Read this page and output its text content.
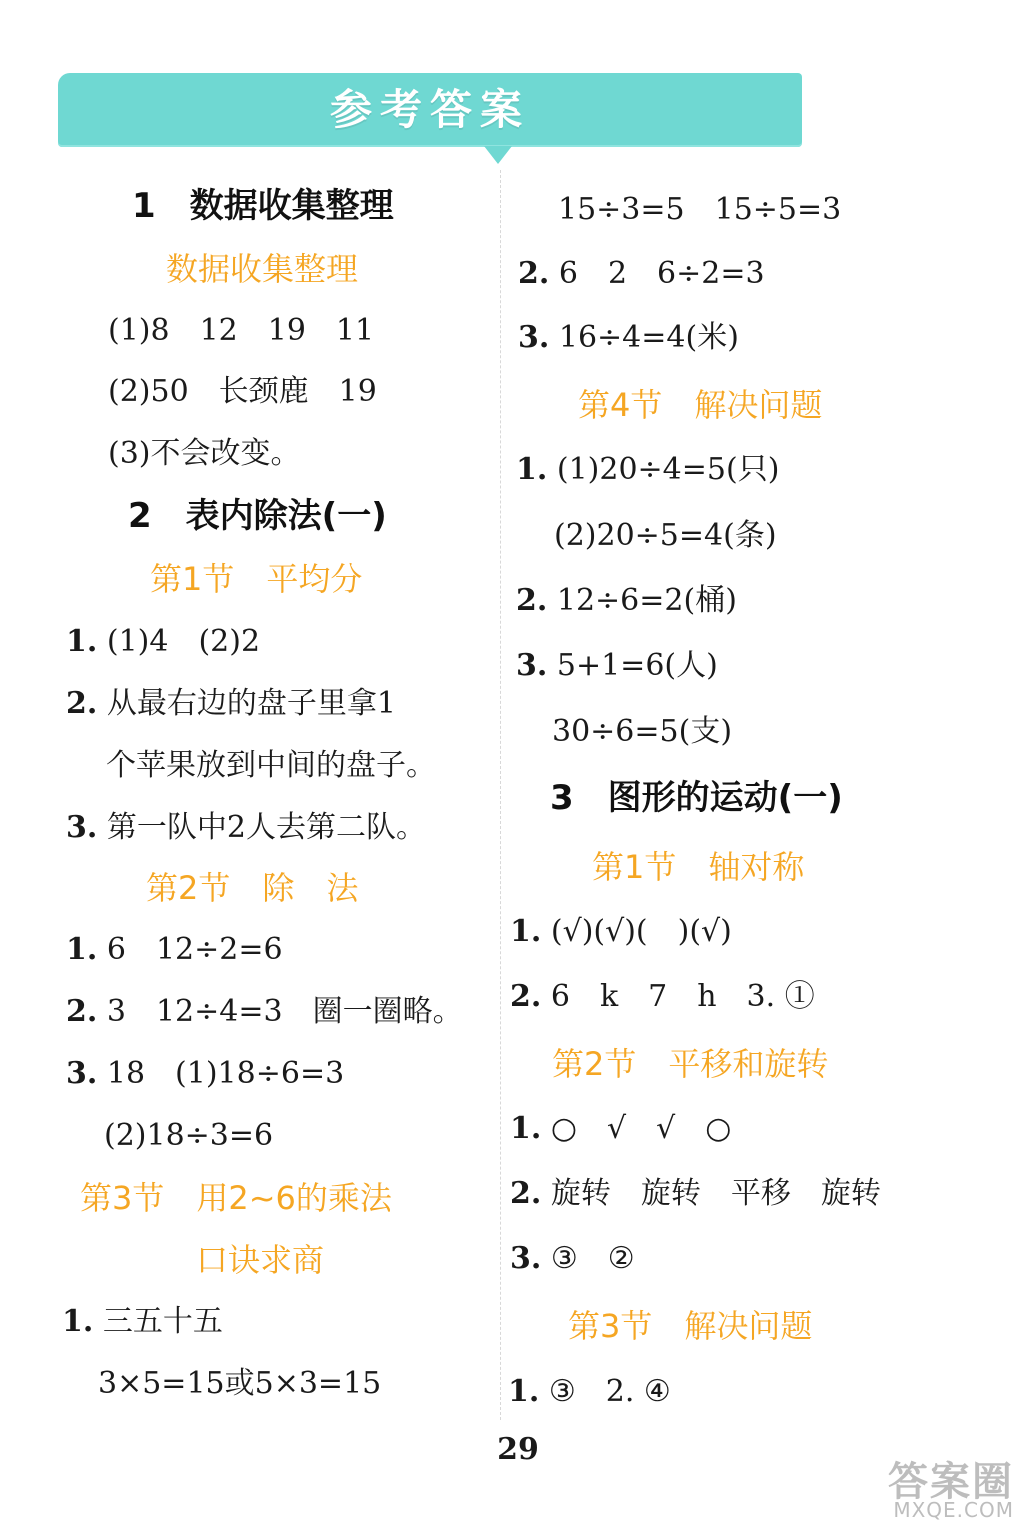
参考答案
1　数据收集整理
数据收集整理
(1)8　12　19　11
(2)50　长颈鹿　19
(3)不会改变。
2　表内除法(一)
第1节　平均分
1. (1)4　(2)2
2. 从最右边的盘子里拿1
个苹果放到中间的盘子。
3. 第一队中2人去第二队。
第2节　除　法
1. 6　12÷2=6
2. 3　12÷4=3　圈一圈略。
3. 18　(1)18÷6=3
(2)18÷3=6
第3节　用2~6的乘法
口诀求商
1. 三五十五
3×5=15或5×3=15
15÷3=5　15÷5=3
2. 6　2　6÷2=3
3. 16÷4=4(米)
第4节　解决问题
1. (1)20÷4=5(只)
(2)20÷5=4(条)
2. 12÷6=2(桶)
3. 5+1=6(人)
30÷6=5(支)
3　图形的运动(一)
第1节　轴对称
1. (√)(√)(　)(√)
2. 6　k　7　h　3. ①
第2节　平移和旋转
1. ○　√　√　○
2. 旋转　旋转　平移　旋转
3. ③　②
第3节　解决问题
1. ③　2. ④
29
答案圈
MXQE.COM
